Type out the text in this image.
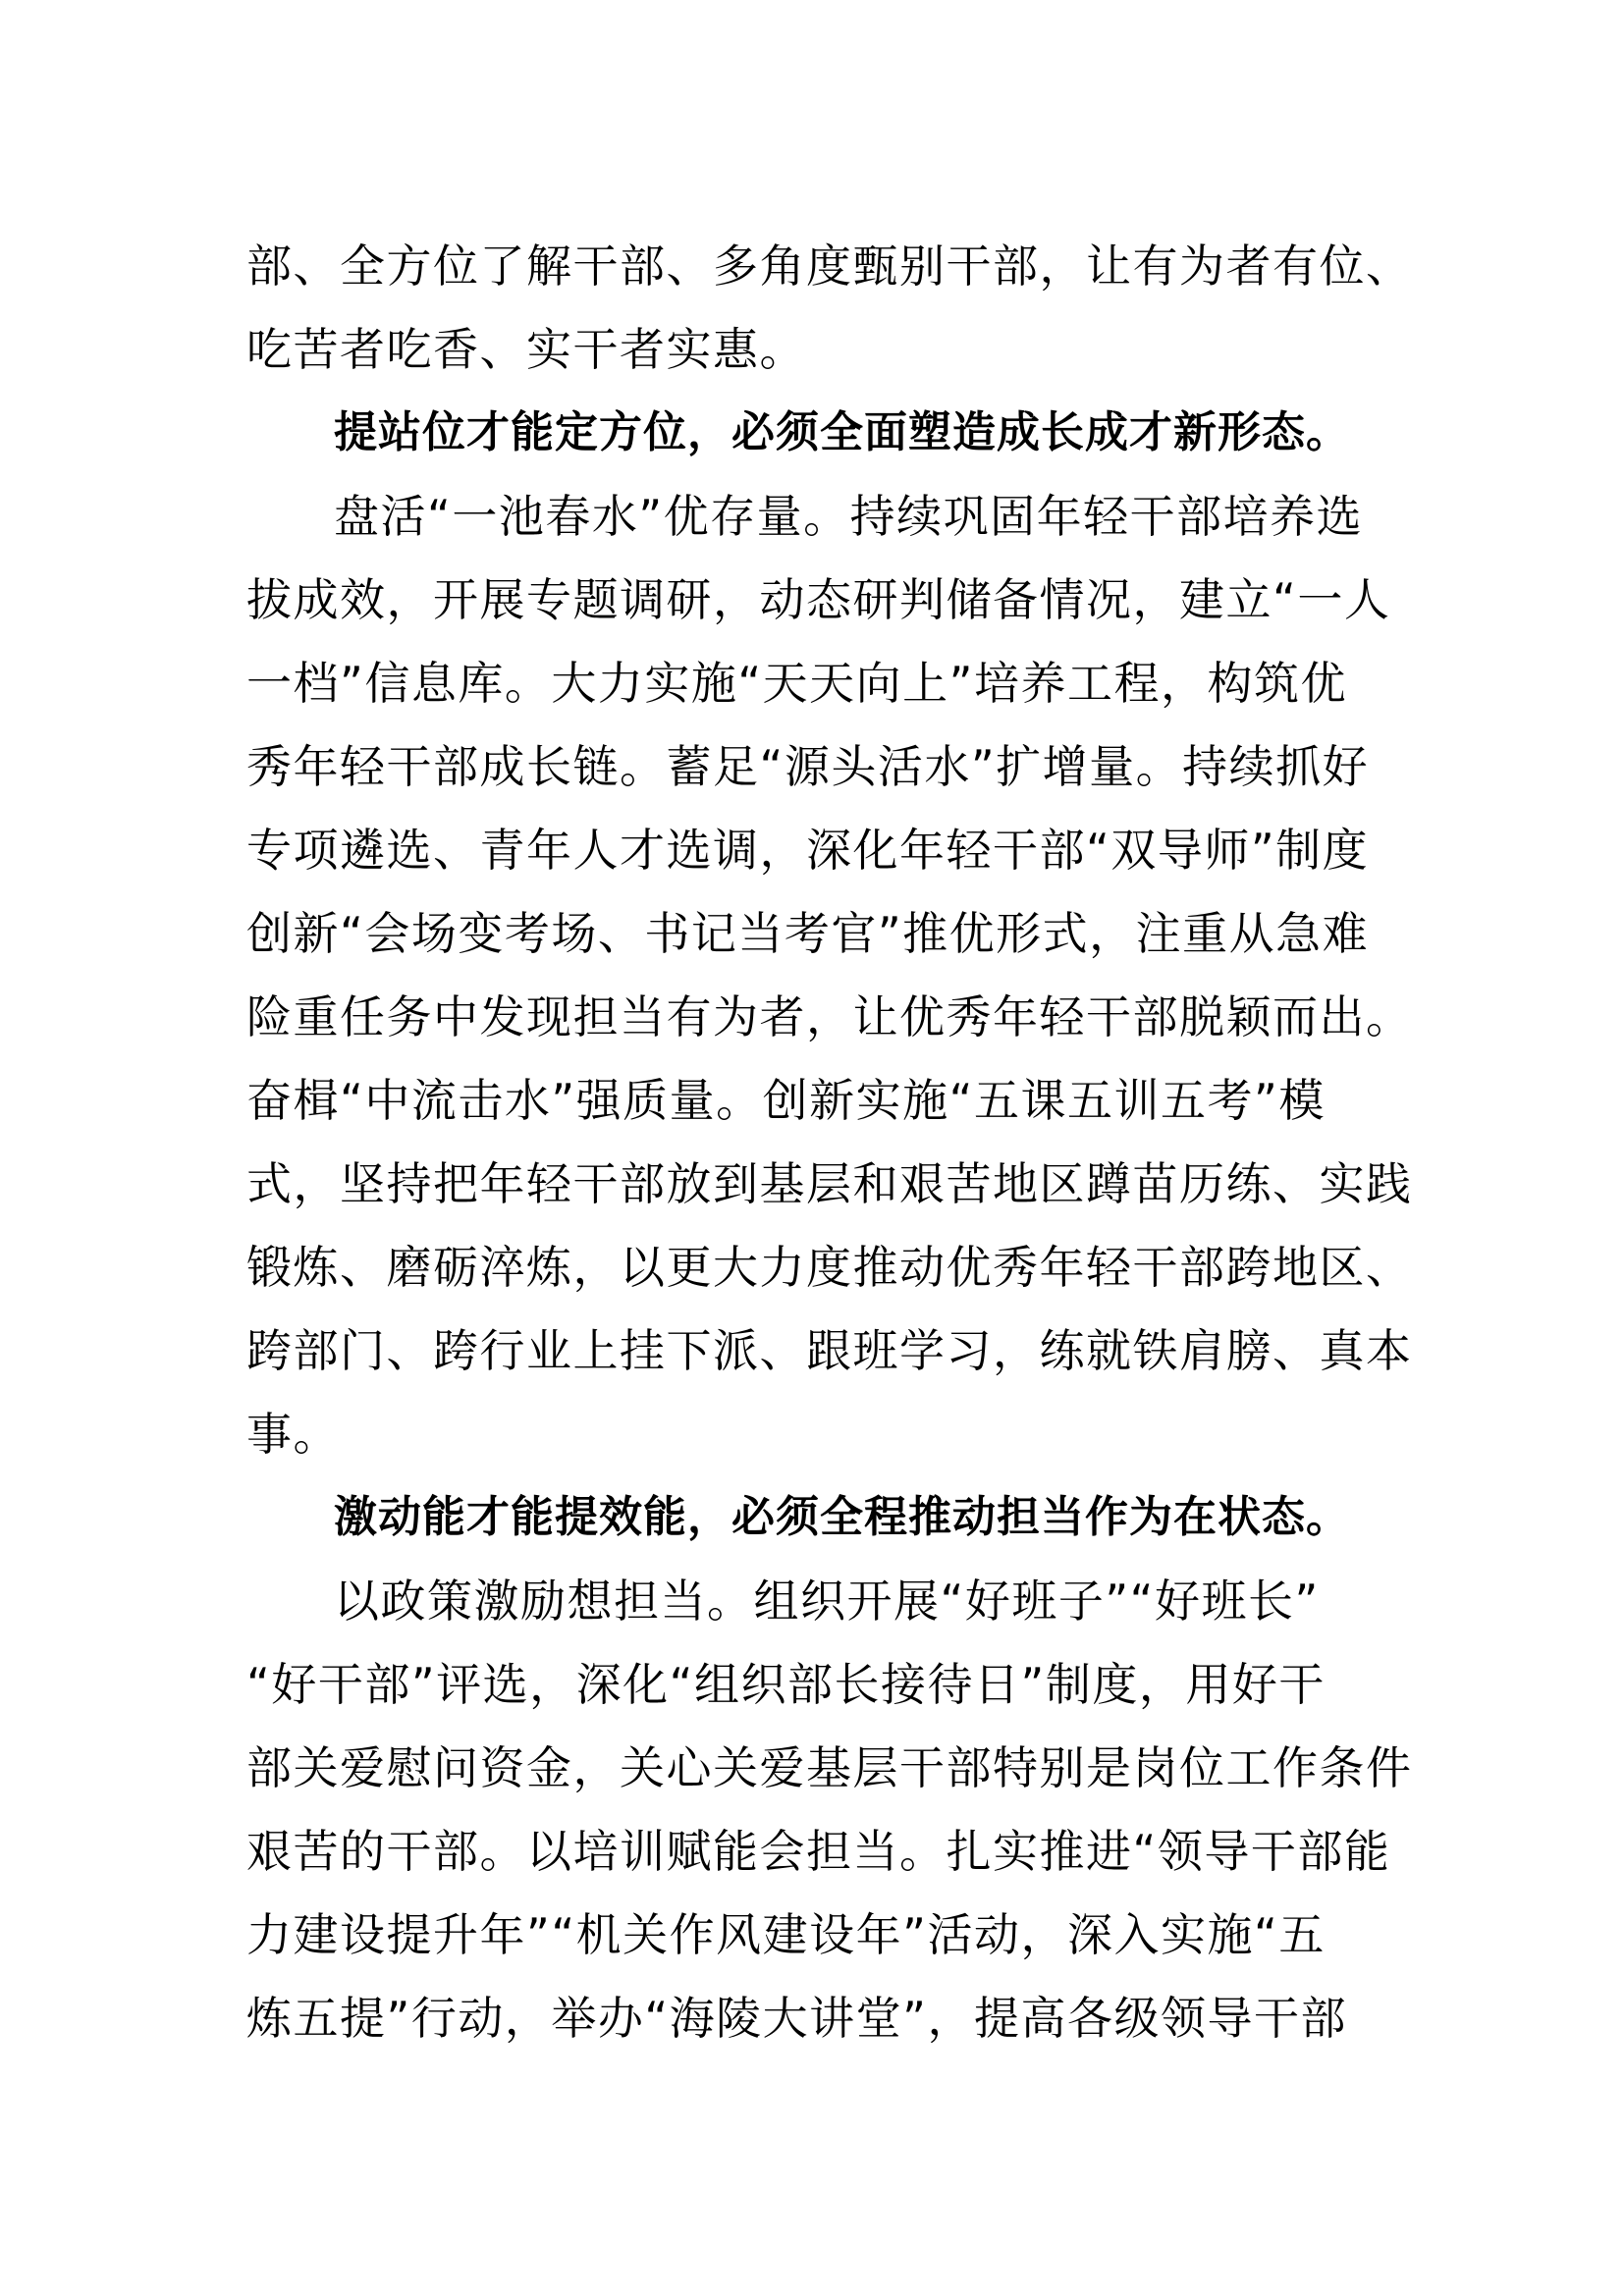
部、全方位了解干部、多角度甄别干部，让有为者有位、
吃苦者吃香、实干者实惠。
提站位才能定方位，必须全面塑造成长成才新形态。
盘活“一池春水”优存量。持续巩固年轻干部培养选
拔成效，开展专题调研，动态研判储备情况，建立“一人
一档”信息库。大力实施“天天向上”培养工程，构筑优
秀年轻干部成长链。蓄足“源头活水”扩增量。持续抓好
专项遴选、青年人才选调，深化年轻干部“双导师”制度
创新“会场变考场、书记当考官”推优形式，注重从急难
险重任务中发现担当有为者，让优秀年轻干部脱颖而出。
奋楫“中流击水”强质量。创新实施“五课五训五考”模
式，坚持把年轻干部放到基层和艰苦地区蹲苗历练、实践
锻炼、磨砺淬炼，以更大力度推动优秀年轻干部跨地区、
跨部门、跨行业上挂下派、跟班学习，练就铁肩膀、真本
事。
激动能才能提效能，必须全程推动担当作为在状态。
以政策激励想担当。组织开展“好班子”“好班长”
“好干部”评选，深化“组织部长接待日”制度，用好干
部关爱慰问资金，关心关爱基层干部特别是岗位工作条件
艰苦的干部。以培训赋能会担当。扎实推进“领导干部能
力建设提升年”“机关作风建设年”活动，深入实施“五
炼五提”行动，举办“海陵大讲堂”，提高各级领导干部
